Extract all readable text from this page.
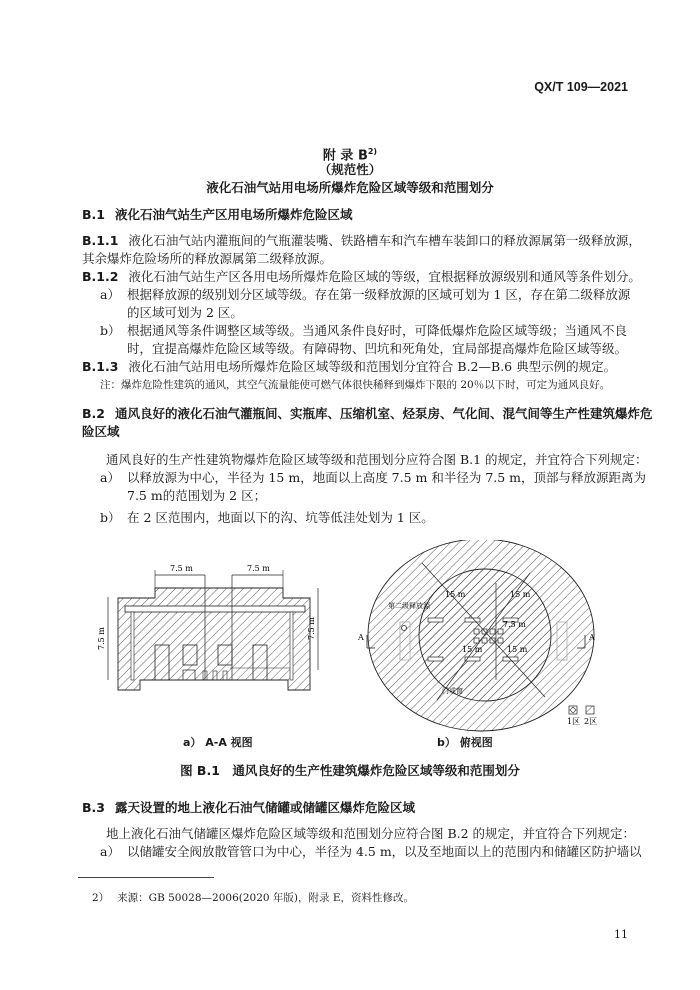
QX/T 109—2021
附 录 $B^{2)}$
（规范性）
液化石油气站用电场所爆炸危险区域等级和范围划分
B.1 液化石油气站生产区用电场所爆炸危险区域
B.1.1 液化石油气站内灌瓶间的气瓶灌装嘴、铁路槽车和汽车槽车装卸口的释放源属第一级释放源，
其余爆炸危险场所的释放源属第二级释放源。
B.1.2 液化石油气站生产区各用电场所爆炸危险区域的等级，宜根据释放源级别和通风等条件划分。
a） 根据释放源的级别划分区域等级。存在第一级释放源的区域可划为 1 区，存在第二级释放源
的区域可划为 2 区。
b） 根据通风等条件调整区域等级。当通风条件良好时，可降低爆炸危险区域等级；当通风不良
时，宜提高爆炸危险区域等级。有障碍物、凹坑和死角处，宜局部提高爆炸危险区域等级。
B.1.3 液化石油气站用电场所爆炸危险区域等级和范围划分宜符合 B.2—B.6 典型示例的规定。
注：爆炸危险性建筑的通风，其空气流量能使可燃气体很快稀释到爆炸下限的 20％以下时，可定为通风良好。
B.2 通风良好的液化石油气灌瓶间、实瓶库、压缩机室、烃泵房、气化间、混气间等生产性建筑爆炸危
险区域
通风良好的生产性建筑物爆炸危险区域等级和范围划分应符合图 B.1 的规定，并宜符合下列规定：
a） 以释放源为中心，半径为 15 m，地面以上高度 7.5 m 和半径为 7.5 m，顶部与释放源距离为
7.5 m的范围划为 2 区；
b） 在 2 区范围内，地面以下的沟、坑等低洼处划为 1 区。
7.5 m	7.5 m
7.5 m	7.5 m
15 m	15 m
15 m	15 m
7.5 m
第二级释放源
门或窗
A	A
1区 2区
a） A-A 视图	b） 俯视图
图 B.1　通风良好的生产性建筑爆炸危险区域等级和范围划分
B.3 露天设置的地上液化石油气储罐或储罐区爆炸危险区域
地上液化石油气储罐区爆炸危险区域等级和范围划分应符合图 B.2 的规定，并宜符合下列规定：
a） 以储罐安全阀放散管管口为中心，半径为 4.5 m，以及至地面以上的范围内和储罐区防护墙以
2） 来源：GB 50028—2006(2020 年版)，附录 E，资料性修改。
11
